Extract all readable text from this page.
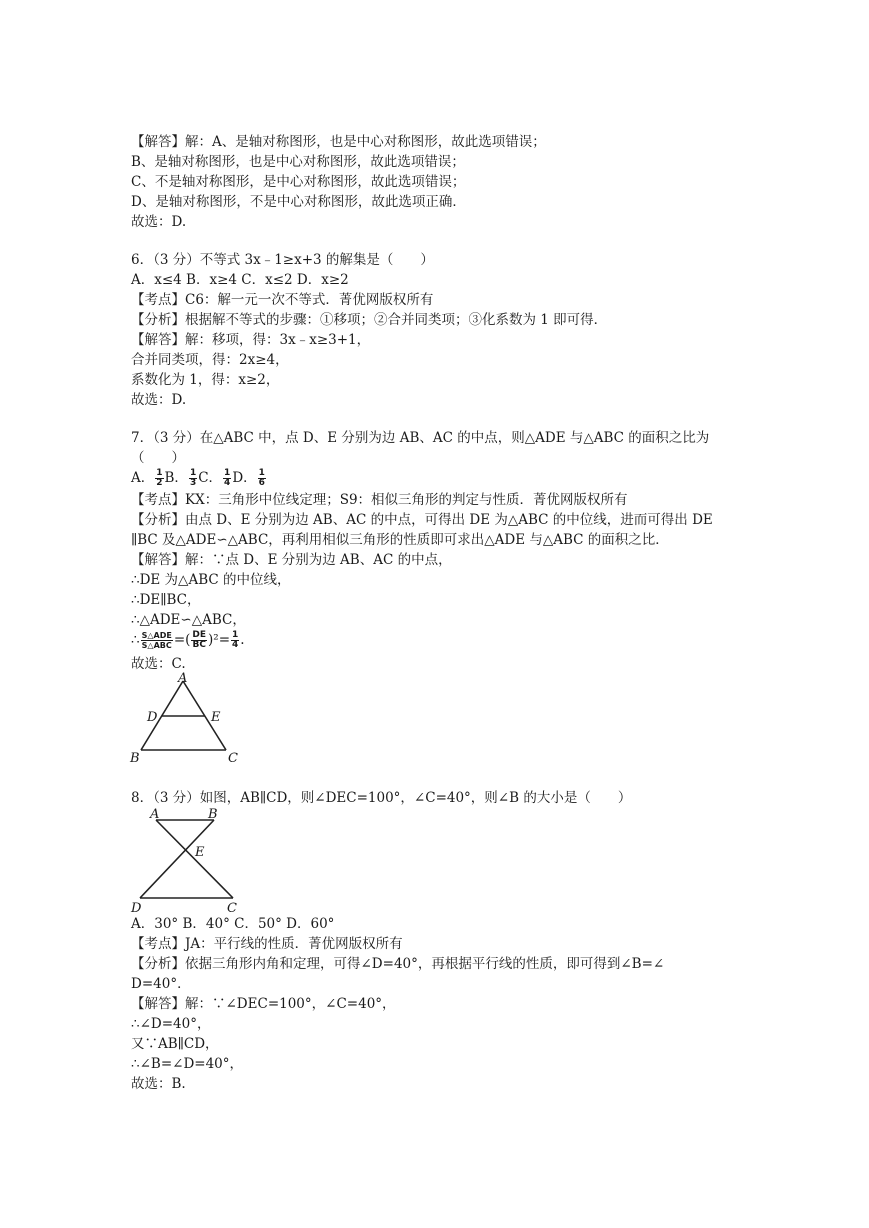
【解答】解：A、是轴对称图形，也是中心对称图形，故此选项错误；
B、是轴对称图形，也是中心对称图形，故此选项错误；
C、不是轴对称图形，是中心对称图形，故此选项错误；
D、是轴对称图形，不是中心对称图形，故此选项正确．
故选：D.
6．（3 分）不等式 3x﹣1≥x+3 的解集是（　　）
A．x≤4 B．x≥4 C．x≤2 D．x≥2
【考点】C6：解一元一次不等式．菁优网版权所有
【分析】根据解不等式的步骤：①移项；②合并同类项；③化系数为 1 即可得．
【解答】解：移项，得：3x﹣x≥3+1，
合并同类项，得：2x≥4，
系数化为 1，得：x≥2，
故选：D.
7．（3 分）在△ABC 中，点 D、E 分别为边 AB、AC 的中点，则△ADE 与△ABC 的面积之比为
（　　）
A． $\frac{1}{2}$ B． $\frac{1}{3}$ C． $\frac{1}{4}$ D． $\frac{1}{6}$
【考点】KX：三角形中位线定理；S9：相似三角形的判定与性质．菁优网版权所有
【分析】由点 D、E 分别为边 AB、AC 的中点，可得出 DE 为△ABC 的中位线，进而可得出 DE
∥BC 及△ADE∽△ABC，再利用相似三角形的性质即可求出△ADE 与△ABC 的面积之比．
【解答】解：∵点 D、E 分别为边 AB、AC 的中点，
∴DE 为△ABC 的中位线，
∴DE∥BC，
∴△ADE∽△ABC，
∴ $\frac{\text{S△ADE}}{\text{S△ABC}}$ =( $\frac{DE}{BC} )^2= \frac{1}{4}$ .
故选：C.
A
D	E
B	C
8．（3 分）如图，AB∥CD，则∠DEC=100°，∠C=40°，则∠B 的大小是（　　）
A	B
E
D	C
A．30° B．40° C．50° D．60°
【考点】JA：平行线的性质．菁优网版权所有
【分析】依据三角形内角和定理，可得∠D=40°，再根据平行线的性质，即可得到∠B=∠
D=40°．
【解答】解：∵∠DEC=100°，∠C=40°，
∴∠D=40°，
又∵AB∥CD，
∴∠B=∠D=40°，
故选：B.
